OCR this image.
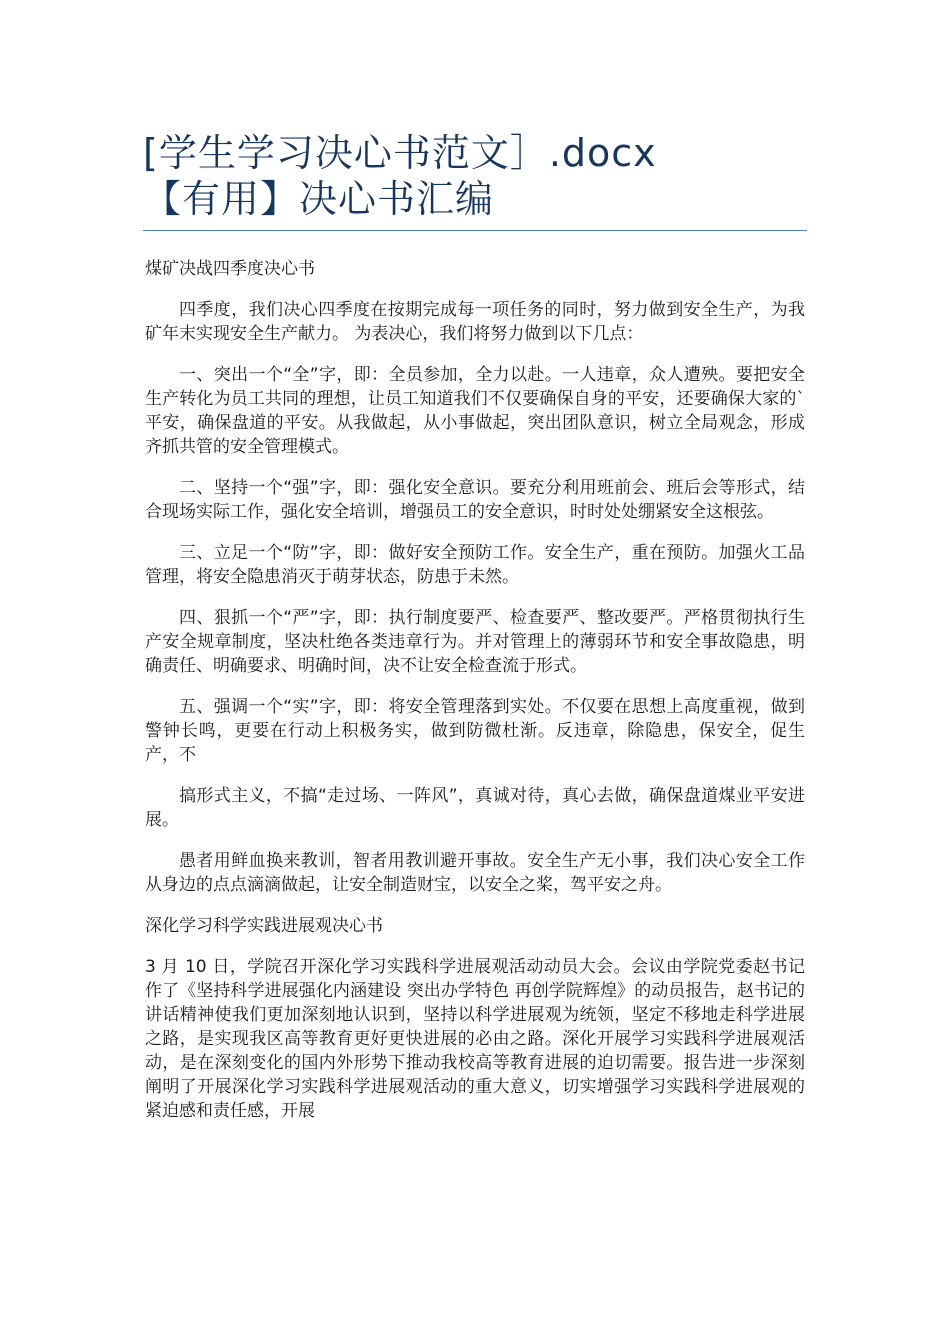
[学生学习决心书范文］.docx
【有用】决心书汇编
煤矿决战四季度决心书

四季度，我们决心四季度在按期完成每一项任务的同时，努力做到安全生产，为我矿年末实现安全生产献力。 为表决心，我们将努力做到以下几点：

一、突出一个“全”字，即：全员参加，全力以赴。一人违章，众人遭殃。要把安全生产转化为员工共同的理想，让员工知道我们不仅要确保自身的平安，还要确保大家的`平安，确保盘道的平安。从我做起，从小事做起，突出团队意识，树立全局观念，形成齐抓共管的安全管理模式。

二、坚持一个“强”字，即：强化安全意识。要充分利用班前会、班后会等形式，结合现场实际工作，强化安全培训，增强员工的安全意识，时时处处绷紧安全这根弦。

三、立足一个“防”字，即：做好安全预防工作。安全生产，重在预防。加强火工品管理，将安全隐患消灭于萌芽状态，防患于未然。

四、狠抓一个“严”字，即：执行制度要严、检查要严、整改要严。严格贯彻执行生产安全规章制度，坚决杜绝各类违章行为。并对管理上的薄弱环节和安全事故隐患，明确责任、明确要求、明确时间，决不让安全检查流于形式。

五、强调一个“实”字，即：将安全管理落到实处。不仅要在思想上高度重视，做到警钟长鸣，更要在行动上积极务实，做到防微杜渐。反违章，除隐患，保安全，促生产，不

搞形式主义，不搞“走过场、一阵风”，真诚对待，真心去做，确保盘道煤业平安进展。

愚者用鲜血换来教训，智者用教训避开事故。安全生产无小事，我们决心安全工作从身边的点点滴滴做起，让安全制造财宝，以安全之桨，驾平安之舟。

深化学习科学实践进展观决心书

3 月 10 日，学院召开深化学习实践科学进展观活动动员大会。会议由学院党委赵书记作了《坚持科学进展强化内涵建设 突出办学特色 再创学院辉煌》的动员报告，赵书记的讲话精神使我们更加深刻地认识到，坚持以科学进展观为统领，坚定不移地走科学进展之路，是实现我区高等教育更好更快进展的必由之路。深化开展学习实践科学进展观活动，是在深刻变化的国内外形势下推动我校高等教育进展的迫切需要。报告进一步深刻阐明了开展深化学习实践科学进展观活动的重大意义，切实增强学习实践科学进展观的紧迫感和责任感，开展
